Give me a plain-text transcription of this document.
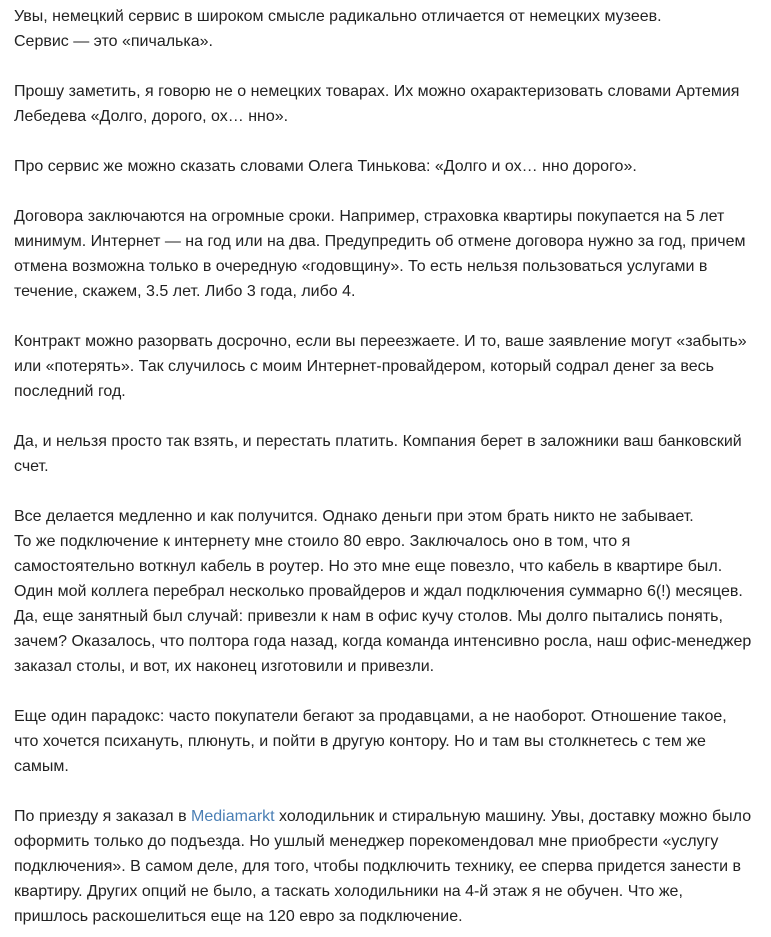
Увы, немецкий сервис в широком смысле радикально отличается от немецких музеев.
Сервис — это «пичалька».

Прошу заметить, я говорю не о немецких товарах. Их можно охарактеризовать словами Артемия
Лебедева «Долго, дорого, ох… нно».

Про сервис же можно сказать словами Олега Тинькова: «Долго и ох… нно дорого».

Договора заключаются на огромные сроки. Например, страховка квартиры покупается на 5 лет
минимум. Интернет — на год или на два. Предупредить об отмене договора нужно за год, причем
отмена возможна только в очередную «годовщину». То есть нельзя пользоваться услугами в
течение, скажем, 3.5 лет. Либо 3 года, либо 4.

Контракт можно разорвать досрочно, если вы переезжаете. И то, ваше заявление могут «забыть»
или «потерять». Так случилось с моим Интернет-провайдером, который содрал денег за весь
последний год.

Да, и нельзя просто так взять, и перестать платить. Компания берет в заложники ваш банковский
счет.

Все делается медленно и как получится. Однако деньги при этом брать никто не забывает.
То же подключение к интернету мне стоило 80 евро. Заключалось оно в том, что я
самостоятельно воткнул кабель в роутер. Но это мне еще повезло, что кабель в квартире был.
Один мой коллега перебрал несколько провайдеров и ждал подключения суммарно 6(!) месяцев.
Да, еще занятный был случай: привезли к нам в офис кучу столов. Мы долго пытались понять,
зачем? Оказалось, что полтора года назад, когда команда интенсивно росла, наш офис-менеджер
заказал столы, и вот, их наконец изготовили и привезли.

Еще один парадокс: часто покупатели бегают за продавцами, а не наоборот. Отношение такое,
что хочется психануть, плюнуть, и пойти в другую контору. Но и там вы столкнетесь с тем же
самым.

По приезду я заказал в Mediamarkt холодильник и стиральную машину. Увы, доставку можно было
оформить только до подъезда. Но ушлый менеджер порекомендовал мне приобрести «услугу
подключения». В самом деле, для того, чтобы подключить технику, ее сперва придется занести в
квартиру. Других опций не было, а таскать холодильники на 4-й этаж я не обучен. Что же,
пришлось раскошелиться еще на 120 евро за подключение.
